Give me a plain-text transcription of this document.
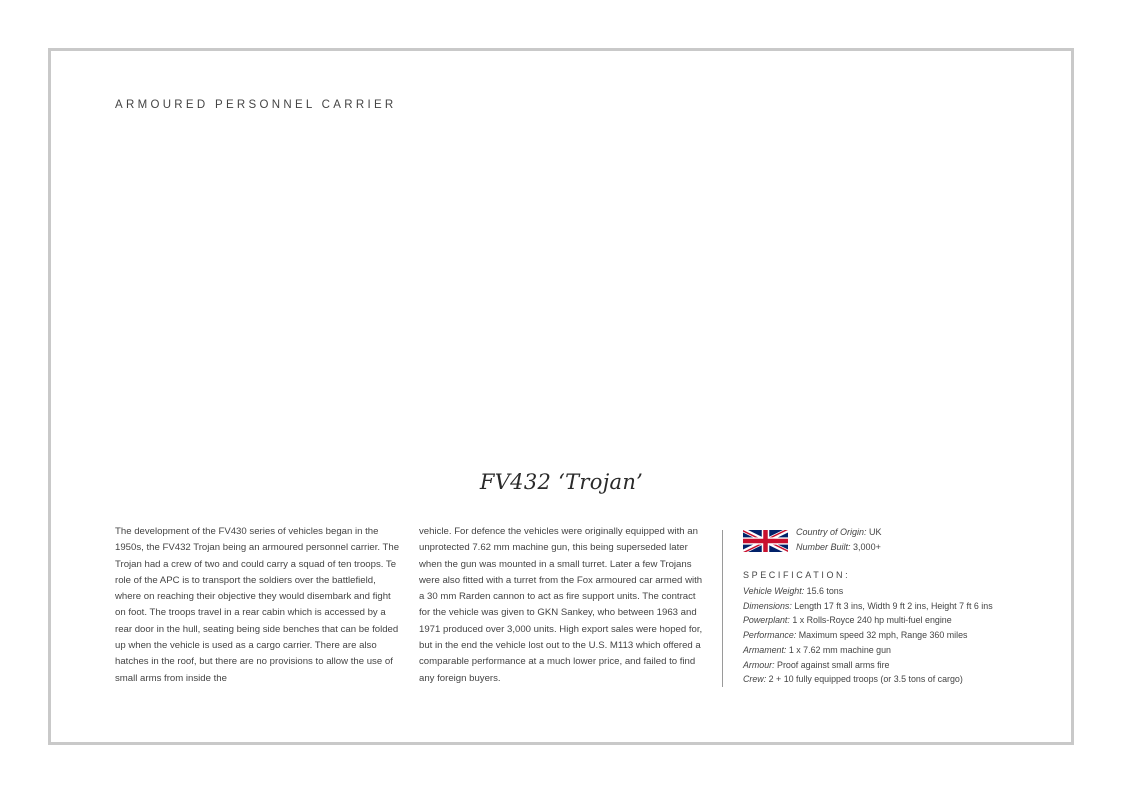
ARMOURED PERSONNEL CARRIER
FV432 ‘Trojan’

The development of the FV430 series of vehicles began in the 1950s, the FV432 Trojan being an armoured personnel carrier. The Trojan had a crew of two and could carry a squad of ten troops. Te role of the APC is to transport the soldiers over the battlefield, where on reaching their objective they would disembark and fight on foot. The troops travel in a rear cabin which is accessed by a rear door in the hull, seating being side benches that can be folded up when the vehicle is used as a cargo carrier. There are also hatches in the roof, but there are no provisions to allow the use of small arms from inside the

vehicle. For defence the vehicles were originally equipped with an unprotected 7.62 mm machine gun, this being superseded later when the gun was mounted in a small turret. Later a few Trojans were also fitted with a turret from the Fox armoured car armed with a 30 mm Rarden cannon to act as fire support units. The contract for the vehicle was given to GKN Sankey, who between 1963 and 1971 produced over 3,000 units. High export sales were hoped for, but in the end the vehicle lost out to the U.S. M113 which offered a comparable performance at a much lower price, and failed to find any foreign buyers.

Country of Origin: UK
Number Built: 3,000+
SPECIFICATION:
Vehicle Weight: 15.6 tons
Dimensions: Length 17 ft 3 ins, Width 9 ft 2 ins, Height 7 ft 6 ins
Powerplant: 1 x Rolls-Royce 240 hp multi-fuel engine
Performance: Maximum speed 32 mph, Range 360 miles
Armament: 1 x 7.62 mm machine gun
Armour: Proof against small arms fire
Crew: 2 + 10 fully equipped troops (or 3.5 tons of cargo)
